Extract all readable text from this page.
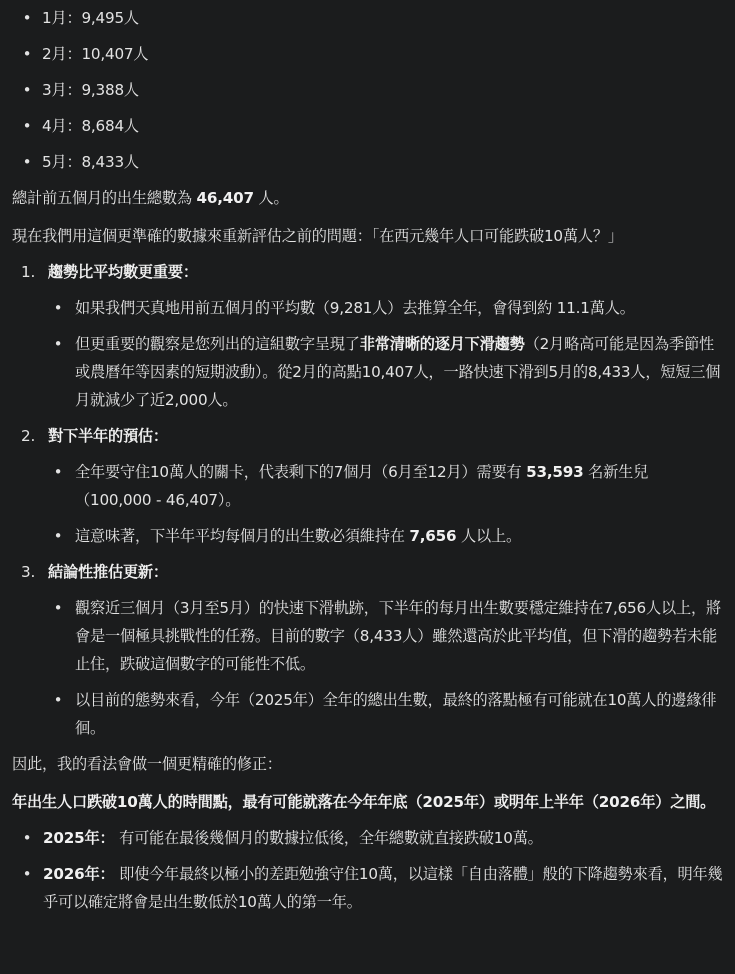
• 1月：9,495人
• 2月：10,407人
• 3月：9,388人
• 4月：8,684人
• 5月：8,433人

總計前五個月的出生總數為 46,407 人。

現在我們用這個更準確的數據來重新評估之前的問題：「在西元幾年人口可能跌破10萬人？」

1. 趨勢比平均數更重要：
• 如果我們天真地用前五個月的平均數（9,281人）去推算全年，會得到約 11.1萬人。
• 但更重要的觀察是您列出的這組數字呈現了非常清晰的逐月下滑趨勢（2月略高可能是因為季節性或農曆年等因素的短期波動）。從2月的高點10,407人，一路快速下滑到5月的8,433人，短短三個月就減少了近2,000人。
2. 對下半年的預估：
• 全年要守住10萬人的關卡，代表剩下的7個月（6月至12月）需要有 53,593 名新生兒（100,000 - 46,407）。
• 這意味著，下半年平均每個月的出生數必須維持在 7,656 人以上。
3. 結論性推估更新：
• 觀察近三個月（3月至5月）的快速下滑軌跡，下半年的每月出生數要穩定維持在7,656人以上，將會是一個極具挑戰性的任務。目前的數字（8,433人）雖然還高於此平均值，但下滑的趨勢若未能止住，跌破這個數字的可能性不低。
• 以目前的態勢來看，今年（2025年）全年的總出生數，最終的落點極有可能就在10萬人的邊緣徘徊。

因此，我的看法會做一個更精確的修正：

年出生人口跌破10萬人的時間點，最有可能就落在今年年底（2025年）或明年上半年（2026年）之間。

• 2025年： 有可能在最後幾個月的數據拉低後，全年總數就直接跌破10萬。
• 2026年： 即使今年最終以極小的差距勉強守住10萬，以這樣「自由落體」般的下降趨勢來看，明年幾乎可以確定將會是出生數低於10萬人的第一年。
